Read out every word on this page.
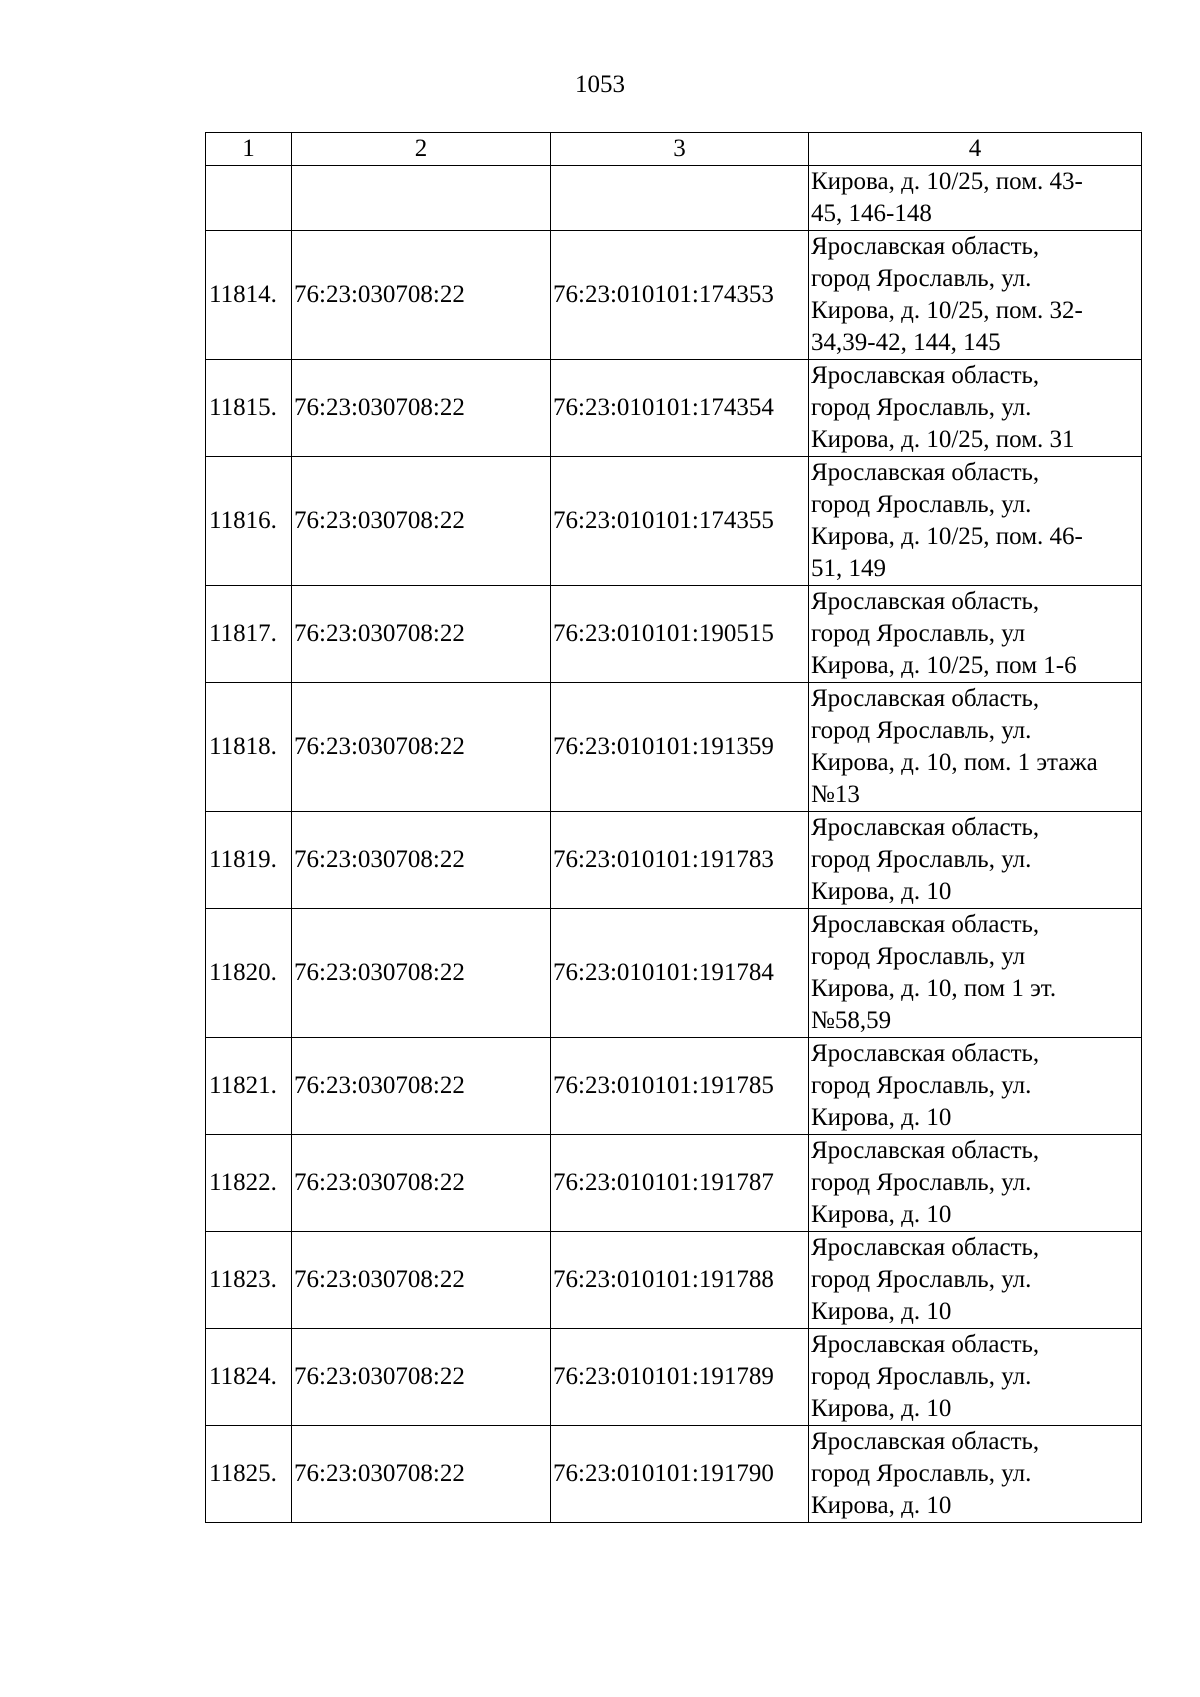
1053
1	2	3	4

			Кирова, д. 10/25, пом. 43-
45, 146-148

11814.	76:23:030708:22	76:23:010101:174353	Ярославская область,
город Ярославль, ул.
Кирова, д. 10/25, пом. 32-
34,39-42, 144, 145

11815.	76:23:030708:22	76:23:010101:174354	Ярославская область,
город Ярославль, ул.
Кирова, д. 10/25, пом. 31

11816.	76:23:030708:22	76:23:010101:174355	Ярославская область,
город Ярославль, ул.
Кирова, д. 10/25, пом. 46-
51, 149

11817.	76:23:030708:22	76:23:010101:190515	Ярославская область,
город Ярославль, ул
Кирова, д. 10/25, пом 1-6

11818.	76:23:030708:22	76:23:010101:191359	Ярославская область,
город Ярославль, ул.
Кирова, д. 10, пом. 1 этажа
№13

11819.	76:23:030708:22	76:23:010101:191783	Ярославская область,
город Ярославль, ул.
Кирова, д. 10

11820.	76:23:030708:22	76:23:010101:191784	Ярославская область,
город Ярославль, ул
Кирова, д. 10, пом 1 эт.
№58,59

11821.	76:23:030708:22	76:23:010101:191785	Ярославская область,
город Ярославль, ул.
Кирова, д. 10

11822.	76:23:030708:22	76:23:010101:191787	Ярославская область,
город Ярославль, ул.
Кирова, д. 10

11823.	76:23:030708:22	76:23:010101:191788	Ярославская область,
город Ярославль, ул.
Кирова, д. 10

11824.	76:23:030708:22	76:23:010101:191789	Ярославская область,
город Ярославль, ул.
Кирова, д. 10

11825.	76:23:030708:22	76:23:010101:191790	Ярославская область,
город Ярославль, ул.
Кирова, д. 10
